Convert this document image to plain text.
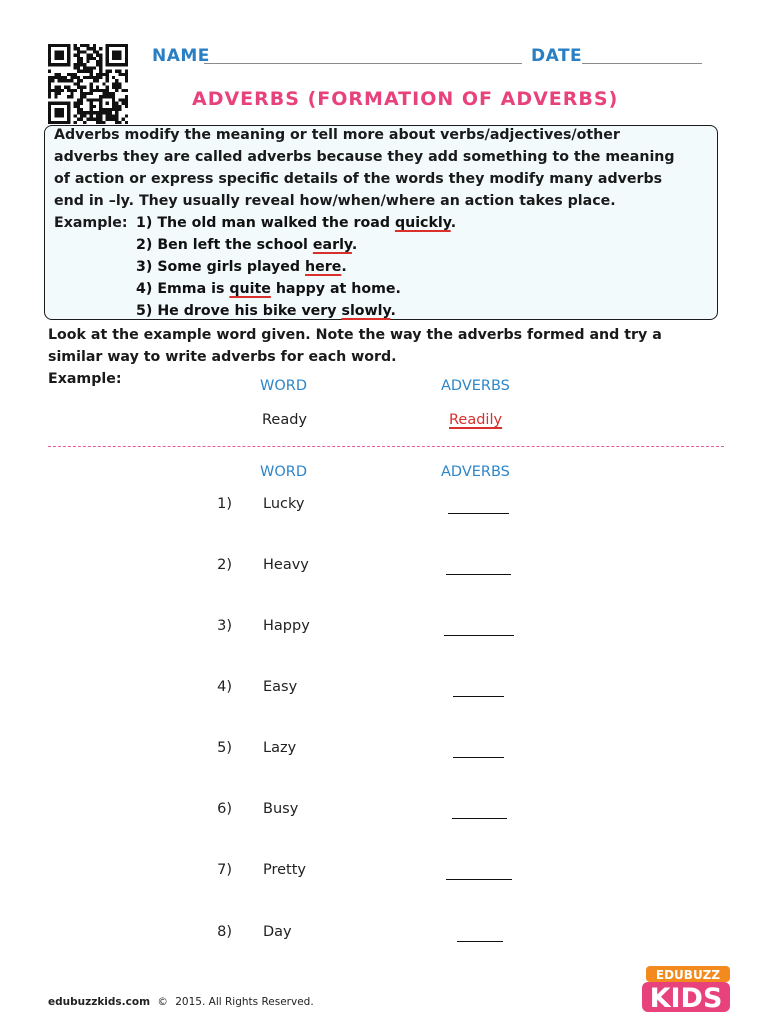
NAME	DATE
ADVERBS (FORMATION OF ADVERBS)
Adverbs modify the meaning or tell more about verbs/adjectives/other
adverbs they are called adverbs because they add something to the meaning
of action or express specific details of the words they modify many adverbs
end in –ly. They usually reveal how/when/where an action takes place.
Example: 1) The old man walked the road quickly.
2) Ben left the school early.
3) Some girls played here.
4) Emma is quite happy at home.
5) He drove his bike very slowly.
Look at the example word given. Note the way the adverbs formed and try a
similar way to write adverbs for each word.
Example:	WORD	ADVERBS
Ready	Readily
WORD	ADVERBS
1) Lucky
2) Heavy
3) Happy
4) Easy
5) Lazy
6) Busy
7) Pretty
8) Day
edubuzzkids.com © 2015. All Rights Reserved.
EDUBUZZ
KIDS
